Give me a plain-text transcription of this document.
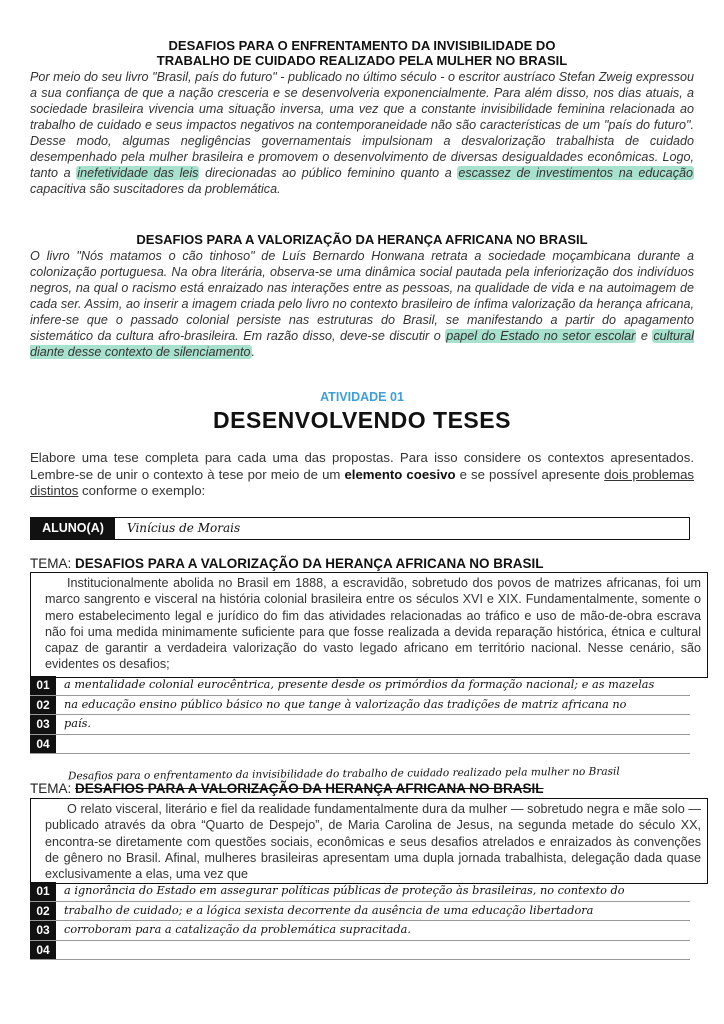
DESAFIOS PARA O ENFRENTAMENTO DA INVISIBILIDADE DO
TRABALHO DE CUIDADO REALIZADO PELA MULHER NO BRASIL
Por meio do seu livro "Brasil, país do futuro" - publicado no último século - o escritor austríaco Stefan Zweig expressou a sua confiança de que a nação cresceria e se desenvolveria exponencialmente. Para além disso, nos dias atuais, a sociedade brasileira vivencia uma situação inversa, uma vez que a constante invisibilidade feminina relacionada ao trabalho de cuidado e seus impactos negativos na contemporaneidade não são características de um "país do futuro". Desse modo, algumas negligências governamentais impulsionam a desvalorização trabalhista de cuidado desempenhado pela mulher brasileira e promovem o desenvolvimento de diversas desigualdades econômicas. Logo, tanto a inefetividade das leis direcionadas ao público feminino quanto a escassez de investimentos na educação capacitiva são suscitadores da problemática.
DESAFIOS PARA A VALORIZAÇÃO DA HERANÇA AFRICANA NO BRASIL
O livro "Nós matamos o cão tinhoso" de Luís Bernardo Honwana retrata a sociedade moçambicana durante a colonização portuguesa. Na obra literária, observa-se uma dinâmica social pautada pela inferiorização dos indivíduos negros, na qual o racismo está enraizado nas interações entre as pessoas, na qualidade de vida e na autoimagem de cada ser. Assim, ao inserir a imagem criada pelo livro no contexto brasileiro de ínfima valorização da herança africana, infere-se que o passado colonial persiste nas estruturas do Brasil, se manifestando a partir do apagamento sistemático da cultura afro-brasileira. Em razão disso, deve-se discutir o papel do Estado no setor escolar e cultural diante desse contexto de silenciamento.
ATIVIDADE 01
DESENVOLVENDO TESES
Elabore uma tese completa para cada uma das propostas. Para isso considere os contextos apresentados. Lembre-se de unir o contexto à tese por meio de um elemento coesivo e se possível apresente dois problemas distintos conforme o exemplo:
ALUNO(A)	Vinícius de Morais
TEMA: DESAFIOS PARA A VALORIZAÇÃO DA HERANÇA AFRICANA NO BRASIL
Institucionalmente abolida no Brasil em 1888, a escravidão, sobretudo dos povos de matrizes africanas, foi um marco sangrento e visceral na história colonial brasileira entre os séculos XVI e XIX. Fundamentalmente, somente o mero estabelecimento legal e jurídico do fim das atividades relacionadas ao tráfico e uso de mão-de-obra escrava não foi uma medida minimamente suficiente para que fosse realizada a devida reparação histórica, étnica e cultural capaz de garantir a verdadeira valorização do vasto legado africano em território nacional. Nesse cenário, são evidentes os desafios;
01	a mentalidade colonial eurocêntrica, presente desde os primórdios da formação nacional; e as mazelas
02	na educação ensino público básico no que tange à valorização das tradições de matriz africana no
03	país.
04
Desafios para o enfrentamento da invisibilidade do trabalho de cuidado realizado pela mulher no Brasil
TEMA: DESAFIOS PARA A VALORIZAÇÃO DA HERANÇA AFRICANA NO BRASIL
O relato visceral, literário e fiel da realidade fundamentalmente dura da mulher — sobretudo negra e mãe solo — publicado através da obra “Quarto de Despejo”, de Maria Carolina de Jesus, na segunda metade do século XX, encontra-se diretamente com questões sociais, econômicas e seus desafios atrelados e enraizados às convenções de gênero no Brasil. Afinal, mulheres brasileiras apresentam uma dupla jornada trabalhista, delegação dada quase exclusivamente a elas, uma vez que
01	a ignorância do Estado em assegurar políticas públicas de proteção às brasileiras, no contexto do
02	trabalho de cuidado; e a lógica sexista decorrente da ausência de uma educação libertadora
03	corroboram para a catalização da problemática supracitada.
04
